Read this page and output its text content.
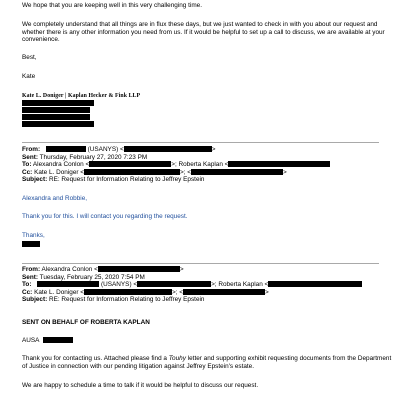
We hope that you are keeping well in this very challenging time.
We completely understand that all things are in flux these days, but we just wanted to check in with you about our request and whether there is any other information you need from us. If it would be helpful to set up a call to discuss, we are available at your convenience.
Best,
Kate
Kate L. Doniger | Kaplan Hecker & Fink LLP
From:	(USANYS) <	>
Sent: Thursday, February 27, 2020 7:23 PM
To: Alexandra Conlon <	>; Roberta Kaplan <
Cc: Kate L. Doniger <	>; <	>
Subject: RE: Request for Information Relating to Jeffrey Epstein
Alexandra and Robbie,
Thank you for this. I will contact you regarding the request.
Thanks,
From: Alexandra Conlon <	>
Sent: Tuesday, February 25, 2020 7:54 PM
To:	(USANYS) <	>; Roberta Kaplan <
Cc: Kate L. Doniger <	>; <	>
Subject: RE: Request for Information Relating to Jeffrey Epstein
SENT ON BEHALF OF ROBERTA KAPLAN
AUSA
Thank you for contacting us. Attached please find a Touhy letter and supporting exhibit requesting documents from the Department of Justice in connection with our pending litigation against Jeffrey Epstein's estate.
We are happy to schedule a time to talk if it would be helpful to discuss our request.
